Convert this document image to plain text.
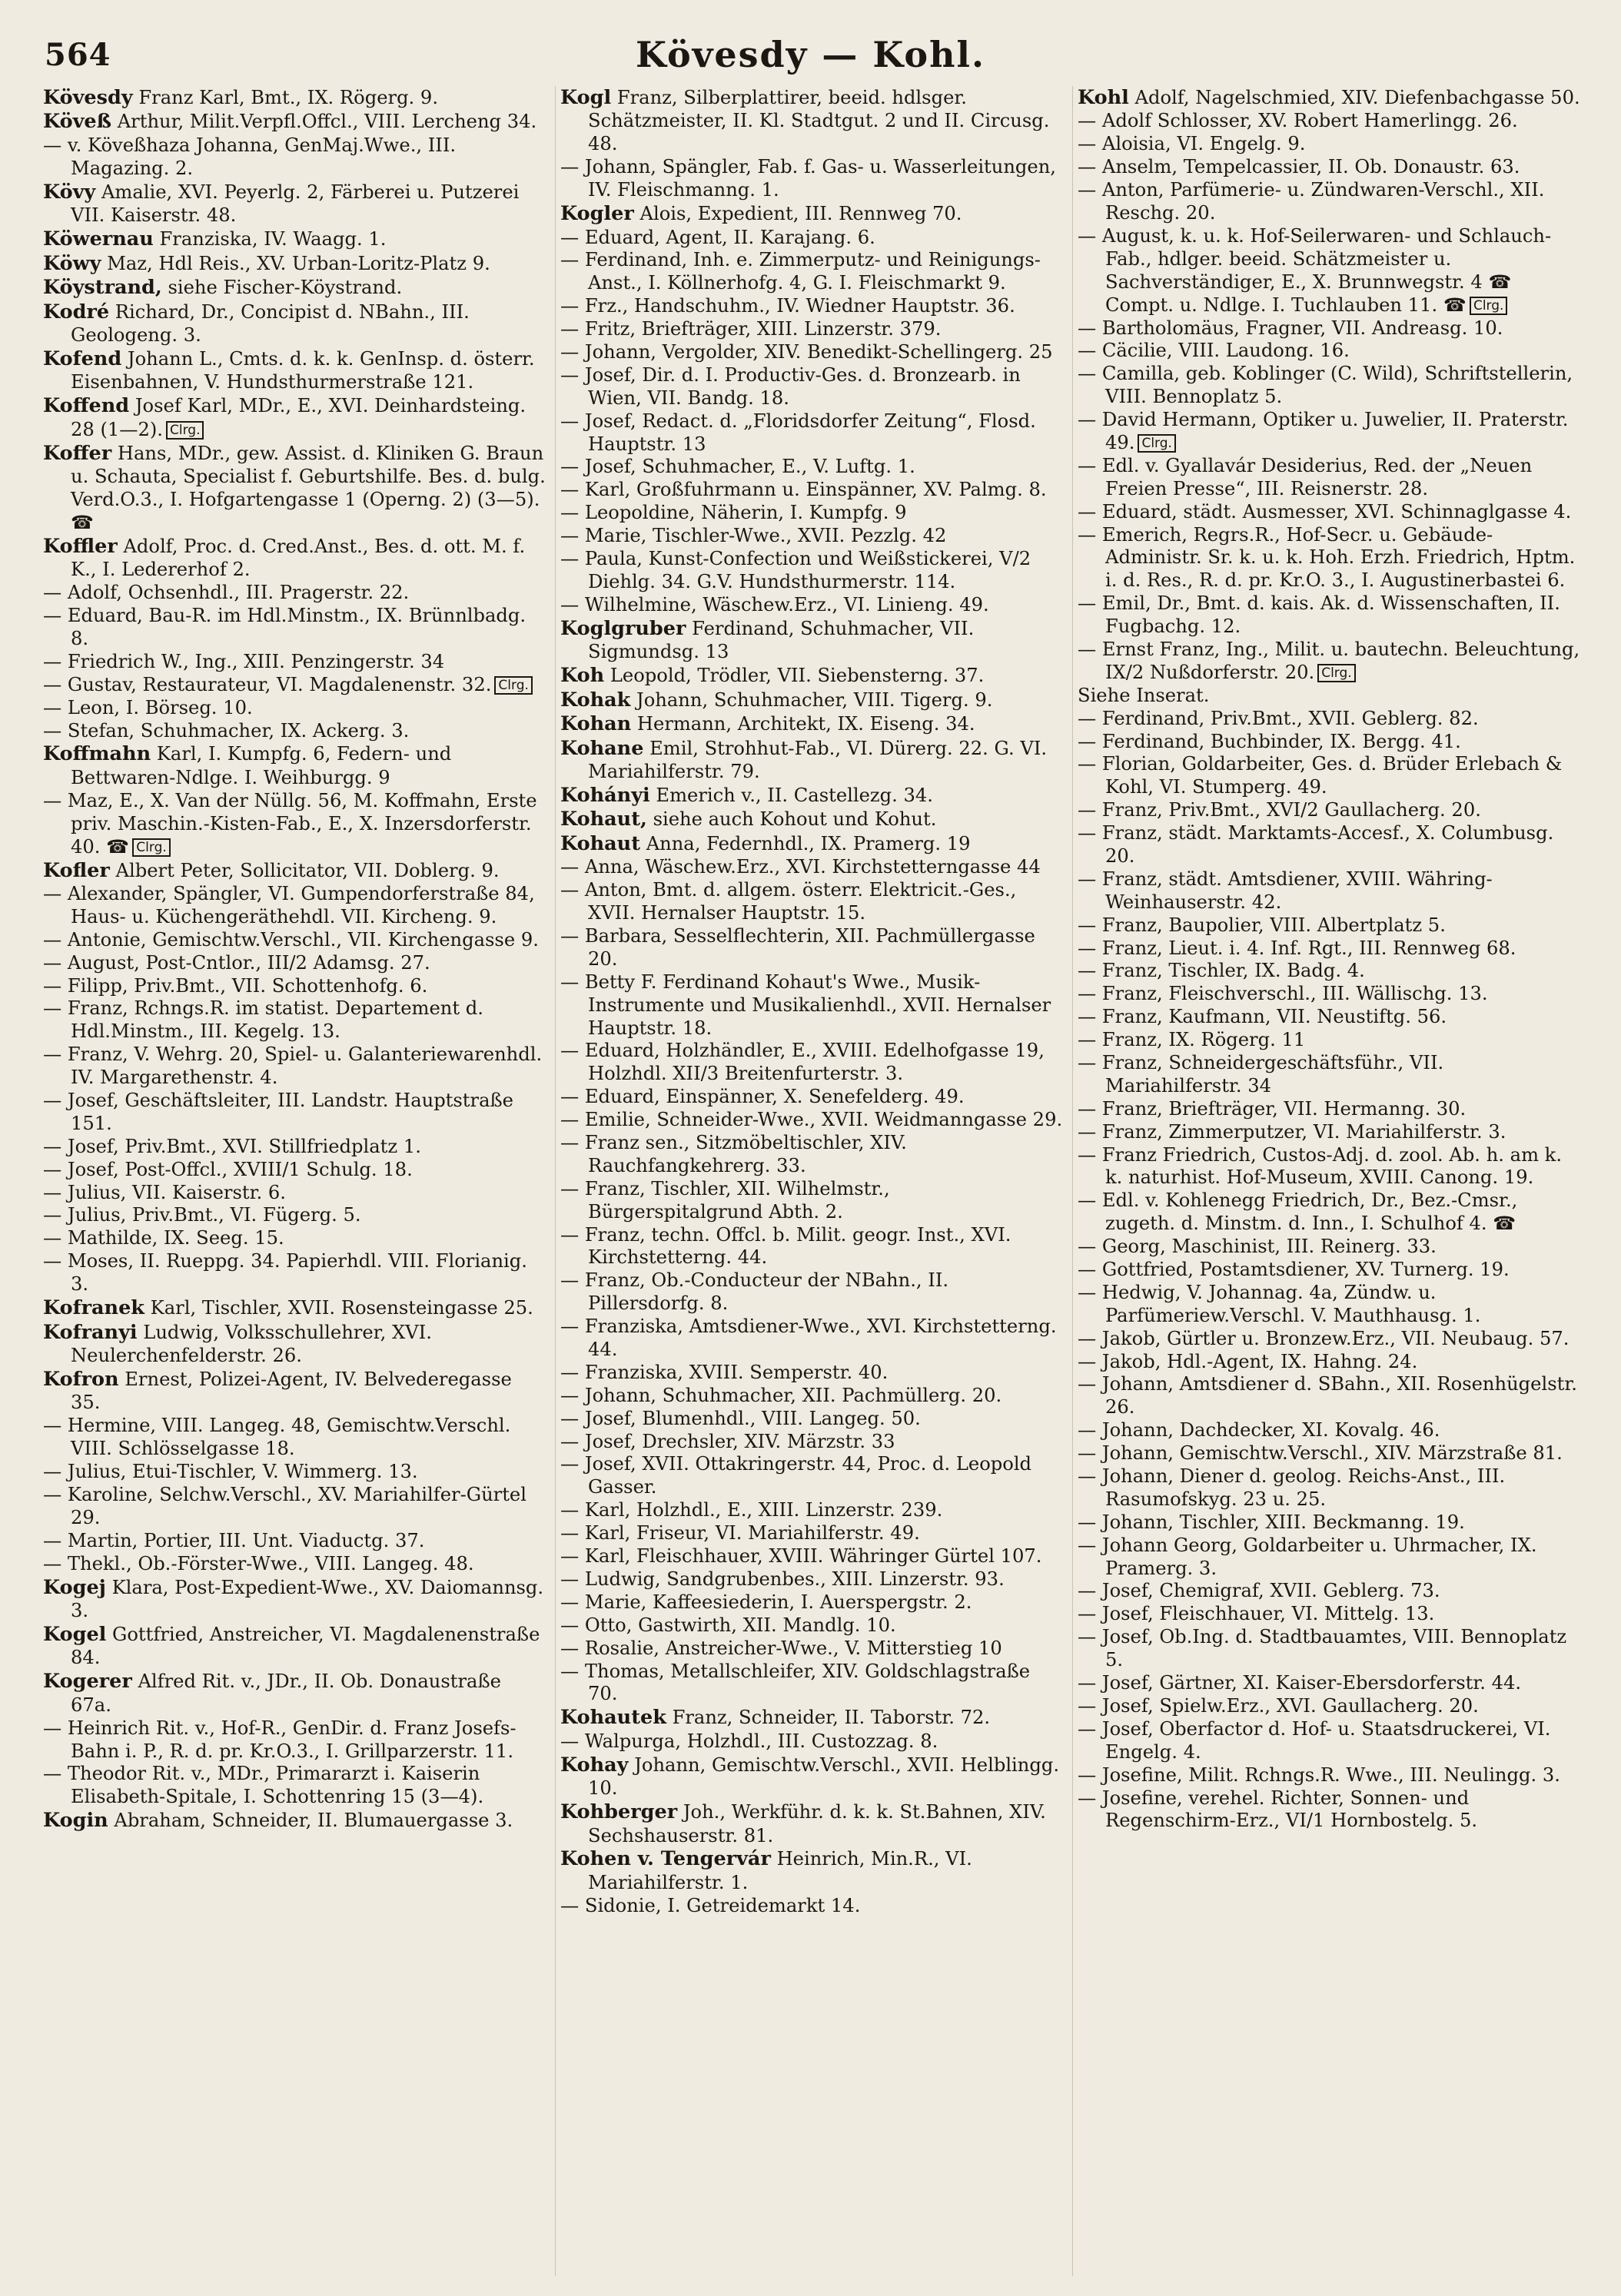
564	Kövesdy — Kohl.

Kövesdy Franz Karl, Bmt., IX. Rögerg. 9.

Köveß Arthur, Milit.Verpfl.Offcl., VIII. Lercheng 34.

— v. Köveßhaza Johanna, GenMaj.Wwe., III. Magazing. 2.

Kövy Amalie, XVI. Peyerlg. 2, Färberei u. Putzerei VII. Kaiserstr. 48.

Köwernau Franziska, IV. Waagg. 1.

Köwy Maz, Hdl Reis., XV. Urban-Loritz-Platz 9.

Köystrand, siehe Fischer-Köystrand.

Kodré Richard, Dr., Concipist d. NBahn., III. Geologeng. 3.

Kofend Johann L., Cmts. d. k. k. GenInsp. d. österr. Eisenbahnen, V. Hundsthurmerstraße 121.

Koffend Josef Karl, MDr., E., XVI. Deinhardsteing. 28 (1—2). Clrg.

Koffer Hans, MDr., gew. Assist. d. Kliniken G. Braun u. Schauta, Specialist f. Geburtshilfe. Bes. d. bulg. Verd.O.3., I. Hofgartengasse 1 (Operng. 2) (3—5). ☎

Koffler Adolf, Proc. d. Cred.Anst., Bes. d. ott. M. f. K., I. Ledererhof 2.

— Adolf, Ochsenhdl., III. Pragerstr. 22.

— Eduard, Bau-R. im Hdl.Minstm., IX. Brünnlbadg. 8.

— Friedrich W., Ing., XIII. Penzingerstr. 34

— Gustav, Restaurateur, VI. Magdalenenstr. 32. Clrg.

— Leon, I. Börseg. 10.

— Stefan, Schuhmacher, IX. Ackerg. 3.

Koffmahn Karl, I. Kumpfg. 6, Federn- und Bettwaren-Ndlge. I. Weihburgg. 9

— Maz, E., X. Van der Nüllg. 56, M. Koffmahn, Erste priv. Maschin.-Kisten-Fab., E., X. Inzersdorferstr. 40. ☎ Clrg.

Kofler Albert Peter, Sollicitator, VII. Doblerg. 9.

— Alexander, Spängler, VI. Gumpendorferstraße 84, Haus- u. Küchengeräthehdl. VII. Kircheng. 9.

— Antonie, Gemischtw.Verschl., VII. Kirchengasse 9.

— August, Post-Cntlor., III/2 Adamsg. 27.

— Filipp, Priv.Bmt., VII. Schottenhofg. 6.

— Franz, Rchngs.R. im statist. Departement d. Hdl.Minstm., III. Kegelg. 13.

— Franz, V. Wehrg. 20, Spiel- u. Galanteriewarenhdl. IV. Margarethenstr. 4.

— Josef, Geschäftsleiter, III. Landstr. Hauptstraße 151.

— Josef, Priv.Bmt., XVI. Stillfriedplatz 1.

— Josef, Post-Offcl., XVIII/1 Schulg. 18.

— Julius, VII. Kaiserstr. 6.

— Julius, Priv.Bmt., VI. Fügerg. 5.

— Mathilde, IX. Seeg. 15.

— Moses, II. Rueppg. 34. Papierhdl. VIII. Florianig. 3.

Kofranek Karl, Tischler, XVII. Rosensteingasse 25.

Kofranyi Ludwig, Volksschullehrer, XVI. Neulerchenfelderstr. 26.

Kofron Ernest, Polizei-Agent, IV. Belvederegasse 35.

— Hermine, VIII. Langeg. 48, Gemischtw.Verschl. VIII. Schlösselgasse 18.

— Julius, Etui-Tischler, V. Wimmerg. 13.

— Karoline, Selchw.Verschl., XV. Mariahilfer-Gürtel 29.

— Martin, Portier, III. Unt. Viaductg. 37.

— Thekl., Ob.-Förster-Wwe., VIII. Langeg. 48.

Kogej Klara, Post-Expedient-Wwe., XV. Daiomannsg. 3.

Kogel Gottfried, Anstreicher, VI. Magdalenenstraße 84.

Kogerer Alfred Rit. v., JDr., II. Ob. Donaustraße 67a.

— Heinrich Rit. v., Hof-R., GenDir. d. Franz Josefs-Bahn i. P., R. d. pr. Kr.O.3., I. Grillparzerstr. 11.

— Theodor Rit. v., MDr., Primararzt i. Kaiserin Elisabeth-Spitale, I. Schottenring 15 (3—4).

Kogin Abraham, Schneider, II. Blumauergasse 3.

Kogl Franz, Silberplattirer, beeid. hdlsger. Schätzmeister, II. Kl. Stadtgut. 2 und II. Circusg. 48.

— Johann, Spängler, Fab. f. Gas- u. Wasserleitungen, IV. Fleischmanng. 1.

Kogler Alois, Expedient, III. Rennweg 70.

— Eduard, Agent, II. Karajang. 6.

— Ferdinand, Inh. e. Zimmerputz- und Reinigungs-Anst., I. Köllnerhofg. 4, G. I. Fleischmarkt 9.

— Frz., Handschuhm., IV. Wiedner Hauptstr. 36.

— Fritz, Briefträger, XIII. Linzerstr. 379.

— Johann, Vergolder, XIV. Benedikt-Schellingerg. 25

— Josef, Dir. d. I. Productiv-Ges. d. Bronzearb. in Wien, VII. Bandg. 18.

— Josef, Redact. d. „Floridsdorfer Zeitung“, Flosd. Hauptstr. 13

— Josef, Schuhmacher, E., V. Luftg. 1.

— Karl, Großfuhrmann u. Einspänner, XV. Palmg. 8.

— Leopoldine, Näherin, I. Kumpfg. 9

— Marie, Tischler-Wwe., XVII. Pezzlg. 42

— Paula, Kunst-Confection und Weißstickerei, V/2 Diehlg. 34. G.V. Hundsthurmerstr. 114.

— Wilhelmine, Wäschew.Erz., VI. Linieng. 49.

Koglgruber Ferdinand, Schuhmacher, VII. Sigmundsg. 13

Koh Leopold, Trödler, VII. Siebensterng. 37.

Kohak Johann, Schuhmacher, VIII. Tigerg. 9.

Kohan Hermann, Architekt, IX. Eiseng. 34.

Kohane Emil, Strohhut-Fab., VI. Dürerg. 22. G. VI. Mariahilferstr. 79.

Kohányi Emerich v., II. Castellezg. 34.

Kohaut, siehe auch Kohout und Kohut.

Kohaut Anna, Federnhdl., IX. Pramerg. 19

— Anna, Wäschew.Erz., XVI. Kirchstetterngasse 44

— Anton, Bmt. d. allgem. österr. Elektricit.-Ges., XVII. Hernalser Hauptstr. 15.

— Barbara, Sesselflechterin, XII. Pachmüllergasse 20.

— Betty F. Ferdinand Kohaut's Wwe., Musik-Instrumente und Musikalienhdl., XVII. Hernalser Hauptstr. 18.

— Eduard, Holzhändler, E., XVIII. Edelhofgasse 19, Holzhdl. XII/3 Breitenfurterstr. 3.

— Eduard, Einspänner, X. Senefelderg. 49.

— Emilie, Schneider-Wwe., XVII. Weidmanngasse 29.

— Franz sen., Sitzmöbeltischler, XIV. Rauchfangkehrerg. 33.

— Franz, Tischler, XII. Wilhelmstr., Bürgerspitalgrund Abth. 2.

— Franz, techn. Offcl. b. Milit. geogr. Inst., XVI. Kirchstetterng. 44.

— Franz, Ob.-Conducteur der NBahn., II. Pillersdorfg. 8.

— Franziska, Amtsdiener-Wwe., XVI. Kirchstetterng. 44.

— Franziska, XVIII. Semperstr. 40.

— Johann, Schuhmacher, XII. Pachmüllerg. 20.

— Josef, Blumenhdl., VIII. Langeg. 50.

— Josef, Drechsler, XIV. Märzstr. 33

— Josef, XVII. Ottakringerstr. 44, Proc. d. Leopold Gasser.

— Karl, Holzhdl., E., XIII. Linzerstr. 239.

— Karl, Friseur, VI. Mariahilferstr. 49.

— Karl, Fleischhauer, XVIII. Währinger Gürtel 107.

— Ludwig, Sandgrubenbes., XIII. Linzerstr. 93.

— Marie, Kaffeesiederin, I. Auerspergstr. 2.

— Otto, Gastwirth, XII. Mandlg. 10.

— Rosalie, Anstreicher-Wwe., V. Mitterstieg 10

— Thomas, Metallschleifer, XIV. Goldschlagstraße 70.

Kohautek Franz, Schneider, II. Taborstr. 72.

— Walpurga, Holzhdl., III. Custozzag. 8.

Kohay Johann, Gemischtw.Verschl., XVII. Helblingg. 10.

Kohberger Joh., Werkführ. d. k. k. St.Bahnen, XIV. Sechshauserstr. 81.

Kohen v. Tengervár Heinrich, Min.R., VI. Mariahilferstr. 1.

— Sidonie, I. Getreidemarkt 14.

Kohl Adolf, Nagelschmied, XIV. Diefenbachgasse 50.

— Adolf Schlosser, XV. Robert Hamerlingg. 26.

— Aloisia, VI. Engelg. 9.

— Anselm, Tempelcassier, II. Ob. Donaustr. 63.

— Anton, Parfümerie- u. Zündwaren-Verschl., XII. Reschg. 20.

— August, k. u. k. Hof-Seilerwaren- und Schlauch-Fab., hdlger. beeid. Schätzmeister u. Sachverständiger, E., X. Brunnwegstr. 4 ☎ Compt. u. Ndlge. I. Tuchlauben 11. ☎ Clrg.

— Bartholomäus, Fragner, VII. Andreasg. 10.

— Cäcilie, VIII. Laudong. 16.

— Camilla, geb. Koblinger (C. Wild), Schriftstellerin, VIII. Bennoplatz 5.

— David Hermann, Optiker u. Juwelier, II. Praterstr. 49. Clrg.

— Edl. v. Gyallavár Desiderius, Red. der „Neuen Freien Presse“, III. Reisnerstr. 28.

— Eduard, städt. Ausmesser, XVI. Schinnaglgasse 4.

— Emerich, Regrs.R., Hof-Secr. u. Gebäude-Administr. Sr. k. u. k. Hoh. Erzh. Friedrich, Hptm. i. d. Res., R. d. pr. Kr.O. 3., I. Augustinerbastei 6.

— Emil, Dr., Bmt. d. kais. Ak. d. Wissenschaften, II. Fugbachg. 12.

— Ernst Franz, Ing., Milit. u. bautechn. Beleuchtung, IX/2 Nußdorferstr. 20. Clrg.

Siehe Inserat.

— Ferdinand, Priv.Bmt., XVII. Geblerg. 82.

— Ferdinand, Buchbinder, IX. Bergg. 41.

— Florian, Goldarbeiter, Ges. d. Brüder Erlebach & Kohl, VI. Stumperg. 49.

— Franz, Priv.Bmt., XVI/2 Gaullacherg. 20.

— Franz, städt. Marktamts-Accesf., X. Columbusg. 20.

— Franz, städt. Amtsdiener, XVIII. Währing-Weinhauserstr. 42.

— Franz, Baupolier, VIII. Albertplatz 5.

— Franz, Lieut. i. 4. Inf. Rgt., III. Rennweg 68.

— Franz, Tischler, IX. Badg. 4.

— Franz, Fleischverschl., III. Wällischg. 13.

— Franz, Kaufmann, VII. Neustiftg. 56.

— Franz, IX. Rögerg. 11

— Franz, Schneidergeschäftsführ., VII. Mariahilferstr. 34

— Franz, Briefträger, VII. Hermanng. 30.

— Franz, Zimmerputzer, VI. Mariahilferstr. 3.

— Franz Friedrich, Custos-Adj. d. zool. Ab. h. am k. k. naturhist. Hof-Museum, XVIII. Canong. 19.

— Edl. v. Kohlenegg Friedrich, Dr., Bez.-Cmsr., zugeth. d. Minstm. d. Inn., I. Schulhof 4. ☎

— Georg, Maschinist, III. Reinerg. 33.

— Gottfried, Postamtsdiener, XV. Turnerg. 19.

— Hedwig, V. Johannag. 4a, Zündw. u. Parfümeriew.Verschl. V. Mauthhausg. 1.

— Jakob, Gürtler u. Bronzew.Erz., VII. Neubaug. 57.

— Jakob, Hdl.-Agent, IX. Hahng. 24.

— Johann, Amtsdiener d. SBahn., XII. Rosenhügelstr. 26.

— Johann, Dachdecker, XI. Kovalg. 46.

— Johann, Gemischtw.Verschl., XIV. Märzstraße 81.

— Johann, Diener d. geolog. Reichs-Anst., III. Rasumofskyg. 23 u. 25.

— Johann, Tischler, XIII. Beckmanng. 19.

— Johann Georg, Goldarbeiter u. Uhrmacher, IX. Pramerg. 3.

— Josef, Chemigraf, XVII. Geblerg. 73.

— Josef, Fleischhauer, VI. Mittelg. 13.

— Josef, Ob.Ing. d. Stadtbauamtes, VIII. Bennoplatz 5.

— Josef, Gärtner, XI. Kaiser-Ebersdorferstr. 44.

— Josef, Spielw.Erz., XVI. Gaullacherg. 20.

— Josef, Oberfactor d. Hof- u. Staatsdruckerei, VI. Engelg. 4.

— Josefine, Milit. Rchngs.R. Wwe., III. Neulingg. 3.

— Josefine, verehel. Richter, Sonnen- und Regenschirm-Erz., VI/1 Hornbostelg. 5.
